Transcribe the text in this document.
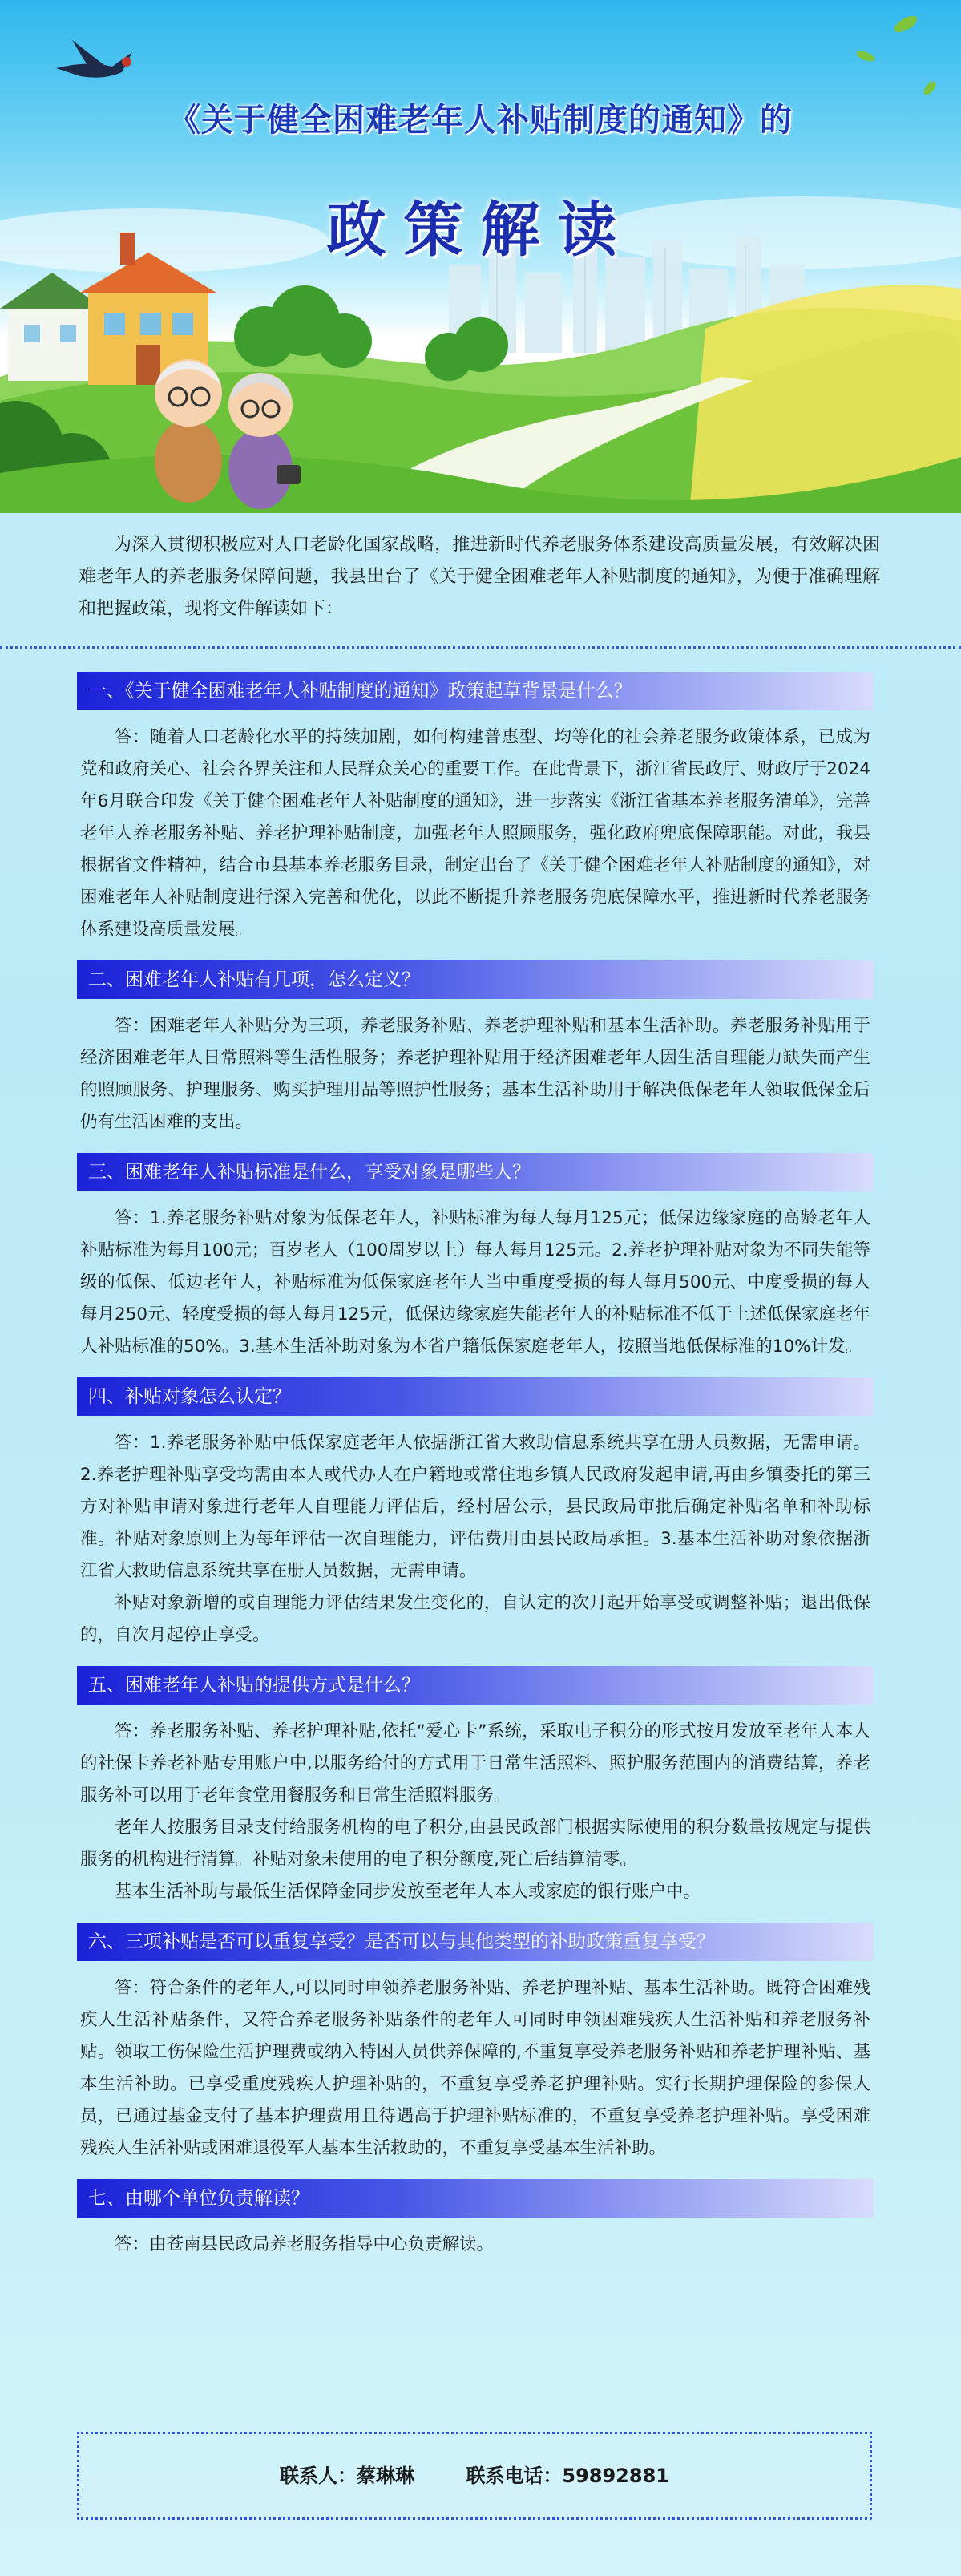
《关于健全困难老年人补贴制度的通知》的
政策解读
为深入贯彻积极应对人口老龄化国家战略，推进新时代养老服务体系建设高质量发展，有效解决困难老年人的养老服务保障问题，我县出台了《关于健全困难老年人补贴制度的通知》，为便于准确理解和把握政策，现将文件解读如下：
一、《关于健全困难老年人补贴制度的通知》政策起草背景是什么？

答：随着人口老龄化水平的持续加剧，如何构建普惠型、均等化的社会养老服务政策体系，已成为党和政府关心、社会各界关注和人民群众关心的重要工作。在此背景下，浙江省民政厅、财政厅于2024年6月联合印发《关于健全困难老年人补贴制度的通知》，进一步落实《浙江省基本养老服务清单》，完善老年人养老服务补贴、养老护理补贴制度，加强老年人照顾服务，强化政府兜底保障职能。对此，我县根据省文件精神，结合市县基本养老服务目录，制定出台了《关于健全困难老年人补贴制度的通知》，对困难老年人补贴制度进行深入完善和优化，以此不断提升养老服务兜底保障水平，推进新时代养老服务体系建设高质量发展。

二、困难老年人补贴有几项，怎么定义？

答：困难老年人补贴分为三项，养老服务补贴、养老护理补贴和基本生活补助。养老服务补贴用于经济困难老年人日常照料等生活性服务；养老护理补贴用于经济困难老年人因生活自理能力缺失而产生的照顾服务、护理服务、购买护理用品等照护性服务；基本生活补助用于解决低保老年人领取低保金后仍有生活困难的支出。

三、困难老年人补贴标准是什么，享受对象是哪些人？

答：1.养老服务补贴对象为低保老年人，补贴标准为每人每月125元；低保边缘家庭的高龄老年人补贴标准为每月100元；百岁老人（100周岁以上）每人每月125元。2.养老护理补贴对象为不同失能等级的低保、低边老年人，补贴标准为低保家庭老年人当中重度受损的每人每月500元、中度受损的每人每月250元、轻度受损的每人每月125元，低保边缘家庭失能老年人的补贴标准不低于上述低保家庭老年人补贴标准的50%。3.基本生活补助对象为本省户籍低保家庭老年人，按照当地低保标准的10%计发。

四、补贴对象怎么认定？

答：1.养老服务补贴中低保家庭老年人依据浙江省大救助信息系统共享在册人员数据，无需申请。2.养老护理补贴享受均需由本人或代办人在户籍地或常住地乡镇人民政府发起申请,再由乡镇委托的第三方对补贴申请对象进行老年人自理能力评估后，经村居公示，县民政局审批后确定补贴名单和补助标准。补贴对象原则上为每年评估一次自理能力，评估费用由县民政局承担。3.基本生活补助对象依据浙江省大救助信息系统共享在册人员数据，无需申请。

补贴对象新增的或自理能力评估结果发生变化的，自认定的次月起开始享受或调整补贴；退出低保的，自次月起停止享受。

五、困难老年人补贴的提供方式是什么？

答：养老服务补贴、养老护理补贴,依托“爱心卡”系统，采取电子积分的形式按月发放至老年人本人的社保卡养老补贴专用账户中,以服务给付的方式用于日常生活照料、照护服务范围内的消费结算，养老服务补可以用于老年食堂用餐服务和日常生活照料服务。

老年人按服务目录支付给服务机构的电子积分,由县民政部门根据实际使用的积分数量按规定与提供服务的机构进行清算。补贴对象未使用的电子积分额度,死亡后结算清零。

基本生活补助与最低生活保障金同步发放至老年人本人或家庭的银行账户中。

六、三项补贴是否可以重复享受？是否可以与其他类型的补助政策重复享受？

答：符合条件的老年人,可以同时申领养老服务补贴、养老护理补贴、基本生活补助。既符合困难残疾人生活补贴条件，又符合养老服务补贴条件的老年人可同时申领困难残疾人生活补贴和养老服务补贴。领取工伤保险生活护理费或纳入特困人员供养保障的,不重复享受养老服务补贴和养老护理补贴、基本生活补助。已享受重度残疾人护理补贴的，不重复享受养老护理补贴。实行长期护理保险的参保人员，已通过基金支付了基本护理费用且待遇高于护理补贴标准的，不重复享受养老护理补贴。享受困难残疾人生活补贴或困难退役军人基本生活救助的，不重复享受基本生活补助。

七、由哪个单位负责解读？

答：由苍南县民政局养老服务指导中心负责解读。

联系人：蔡琳琳	联系电话：59892881
